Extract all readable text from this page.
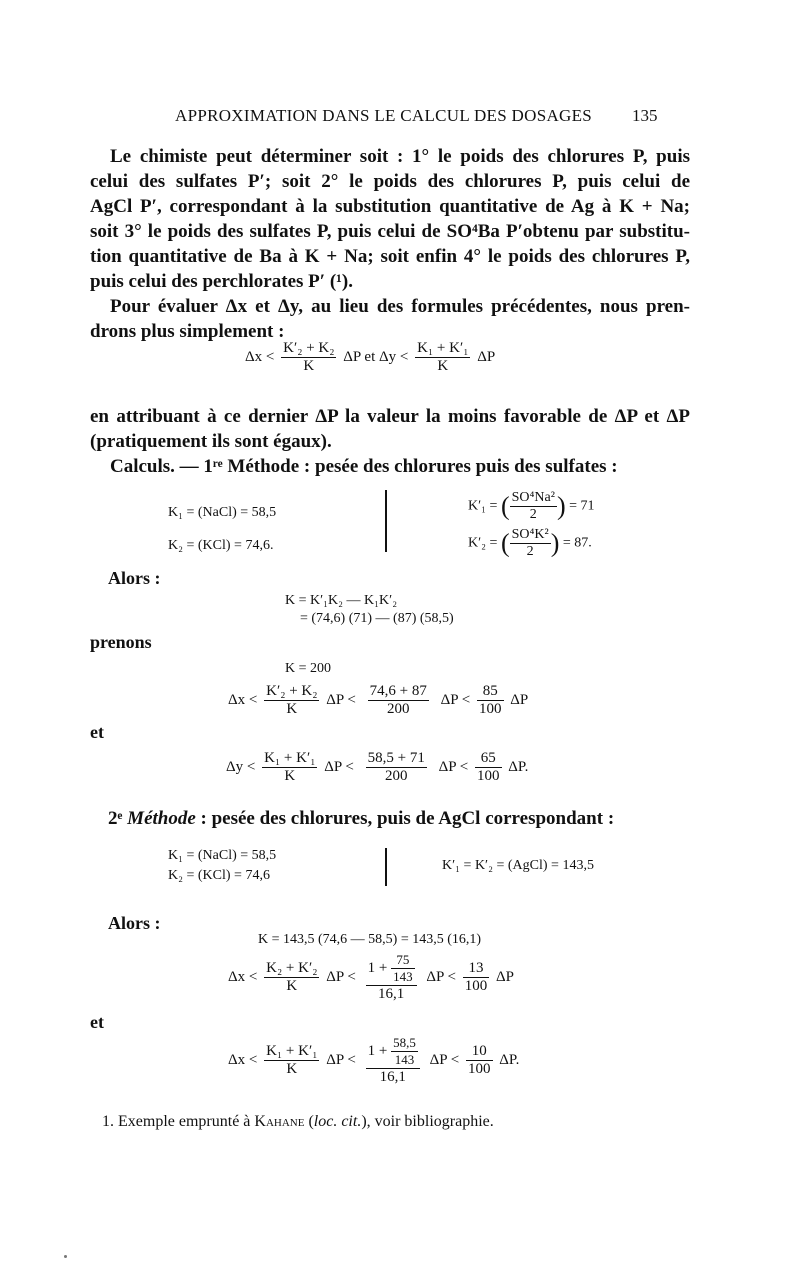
APPROXIMATION DANS LE CALCUL DES DOSAGES	135
Le chimiste peut déterminer soit : 1° le poids des chlorures P, puis
celui des sulfates P′; soit 2° le poids des chlorures P, puis celui de
AgCl P′, correspondant à la substitution quantitative de Ag à K + Na;
soit 3° le poids des sulfates P, puis celui de SO⁴Ba P′obtenu par substitu-
tion quantitative de Ba à K + Na; soit enfin 4° le poids des chlorures P,
puis celui des perchlorates P′ (¹).
Pour évaluer Δx et Δy, au lieu des formules précédentes, nous pren-
drons plus simplement :
$\Delta x < \frac{\text{K′₂ + K₂}}{K}$ ΔP et $\Delta y < \frac{\text{K₁ + K′₁}}{K}$ ΔP
en attribuant à ce dernier ΔP la valeur la moins favorable de ΔP et ΔP
(pratiquement ils sont égaux).
Calculs. — 1ʳᵉ Méthode : pesée des chlorures puis des sulfates :
K₁ = (NaCl) = 58,5
K₂ = (KCl) = 74,6.
K′₁ = ( $\frac{\text{SO⁴Na²}}{2}$ ) = 71
K′₂ = ( $\frac{\text{SO⁴K²}}{2}$ ) = 87.
Alors :
K = K′₁K₂ — K₁K′₂
= (74,6) (71) — (87) (58,5)
prenons
K = 200
$\Delta x < \frac{\text{K′₂ + K₂}}{K}$ $\Delta P < \frac{74,6 + 87}{200}$ $\Delta P < \frac{85}{100}$ ΔP
et
$\Delta y < \frac{\text{K₁ + K′₁}}{K}$ $\Delta P < \frac{58,5 + 71}{200}$ $\Delta P < \frac{65}{100} \Delta P$.
2ᵉ Méthode : pesée des chlorures, puis de AgCl correspondant :
K₁ = (NaCl) = 58,5
K₂ = (KCl) = 74,6
K′₁ = K′₂ = (AgCl) = 143,5
Alors :
K = 143,5 (74,6 — 58,5) = 143,5 (16,1)
$\Delta x < \frac{\text{K₂ + K′₂}}{K}$ $\Delta P < \frac{1 + \frac{75}{143}}{16,1}$ $\Delta P < \frac{13}{100}$ ΔP
et
$\Delta x < \frac{\text{K₁ + K′₁}}{K}$ $\Delta P < \frac{1 + \frac{58,5}{143}}{16,1}$ $\Delta P < \frac{10}{100} \Delta P$.
1. Exemple emprunté à Kahane (loc. cit.), voir bibliographie.
